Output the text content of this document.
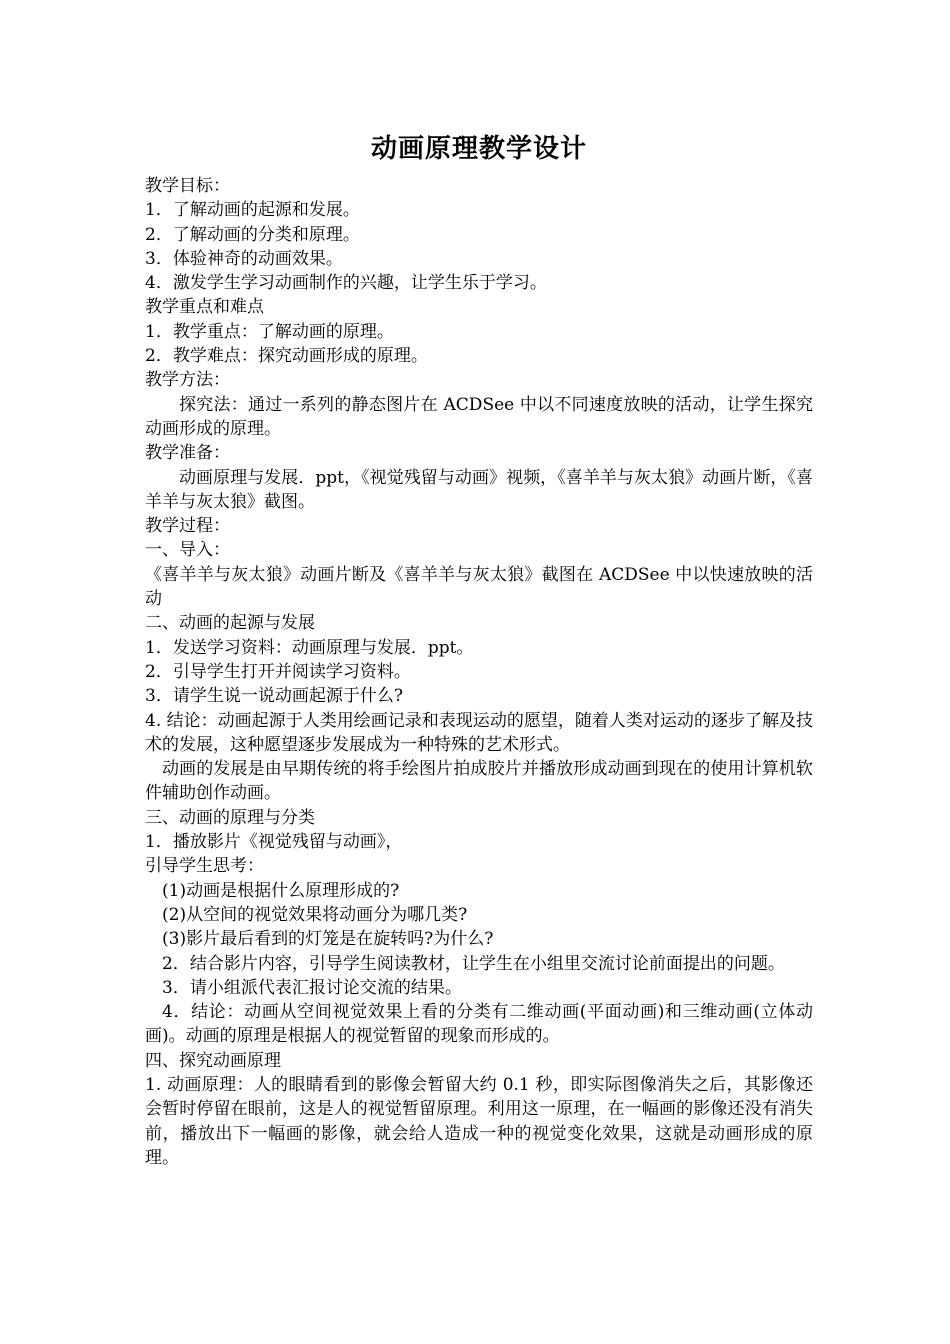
动画原理教学设计

教学目标：

1．了解动画的起源和发展。

2．了解动画的分类和原理。

3．体验神奇的动画效果。

4．激发学生学习动画制作的兴趣，让学生乐于学习。

教学重点和难点

1．教学重点：了解动画的原理。

2．教学难点：探究动画形成的原理。

教学方法：

探究法：通过一系列的静态图片在 ACDSee 中以不同速度放映的活动，让学生探究动画形成的原理。

教学准备：

动画原理与发展．ppt，《视觉残留与动画》视频，《喜羊羊与灰太狼》动画片断，《喜羊羊与灰太狼》截图。

教学过程：

一、导入：

《喜羊羊与灰太狼》动画片断及《喜羊羊与灰太狼》截图在 ACDSee 中以快速放映的活动

二、动画的起源与发展

1．发送学习资料：动画原理与发展．ppt。

2．引导学生打开并阅读学习资料。

3．请学生说一说动画起源于什么?

4. 结论：动画起源于人类用绘画记录和表现运动的愿望，随着人类对运动的逐步了解及技术的发展，这种愿望逐步发展成为一种特殊的艺术形式。

动画的发展是由早期传统的将手绘图片拍成胶片并播放形成动画到现在的使用计算机软件辅助创作动画。

三、动画的原理与分类

1．播放影片《视觉残留与动画》，

引导学生思考：

(1)动画是根据什么原理形成的?

(2)从空间的视觉效果将动画分为哪几类?

(3)影片最后看到的灯笼是在旋转吗?为什么?

2．结合影片内容，引导学生阅读教材，让学生在小组里交流讨论前面提出的问题。

3．请小组派代表汇报讨论交流的结果。

4．结论：动画从空间视觉效果上看的分类有二维动画(平面动画)和三维动画(立体动画)。动画的原理是根据人的视觉暂留的现象而形成的。

四、探究动画原理

1. 动画原理：人的眼睛看到的影像会暂留大约 0.1 秒，即实际图像消失之后，其影像还会暂时停留在眼前，这是人的视觉暂留原理。利用这一原理，在一幅画的影像还没有消失前，播放出下一幅画的影像，就会给人造成一种的视觉变化效果，这就是动画形成的原理。
